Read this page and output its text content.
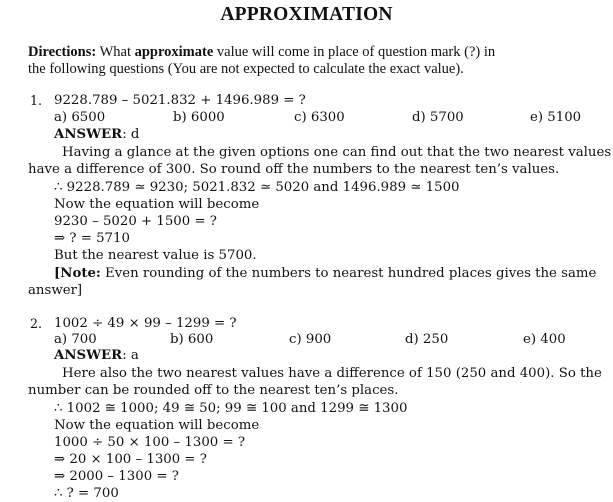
APPROXIMATION
Directions: What approximate value will come in place of question mark (?) in
the following questions (You are not expected to calculate the exact value).
1. 9228.789 – 5021.832 + 1496.989 = ?
a) 6500	b) 6000	c) 6300	d) 5700	e) 5100
ANSWER: d
Having a glance at the given options one can find out that the two nearest values
have a difference of 300. So round off the numbers to the nearest ten’s values.
∴ 9228.789 ≃ 9230; 5021.832 ≃ 5020 and 1496.989 ≃ 1500
Now the equation will become
9230 – 5020 + 1500 = ?
⇒ ? = 5710
But the nearest value is 5700.
[Note: Even rounding of the numbers to nearest hundred places gives the same
answer]
2. 1002 ÷ 49 × 99 – 1299 = ?
a) 700	b) 600	c) 900	d) 250	e) 400
ANSWER: a
Here also the two nearest values have a difference of 150 (250 and 400). So the
number can be rounded off to the nearest ten’s places.
∴ 1002 ≅ 1000; 49 ≅ 50; 99 ≅ 100 and 1299 ≅ 1300
Now the equation will become
1000 ÷ 50 × 100 – 1300 = ?
⇒ 20 × 100 – 1300 = ?
⇒ 2000 – 1300 = ?
∴ ? = 700
